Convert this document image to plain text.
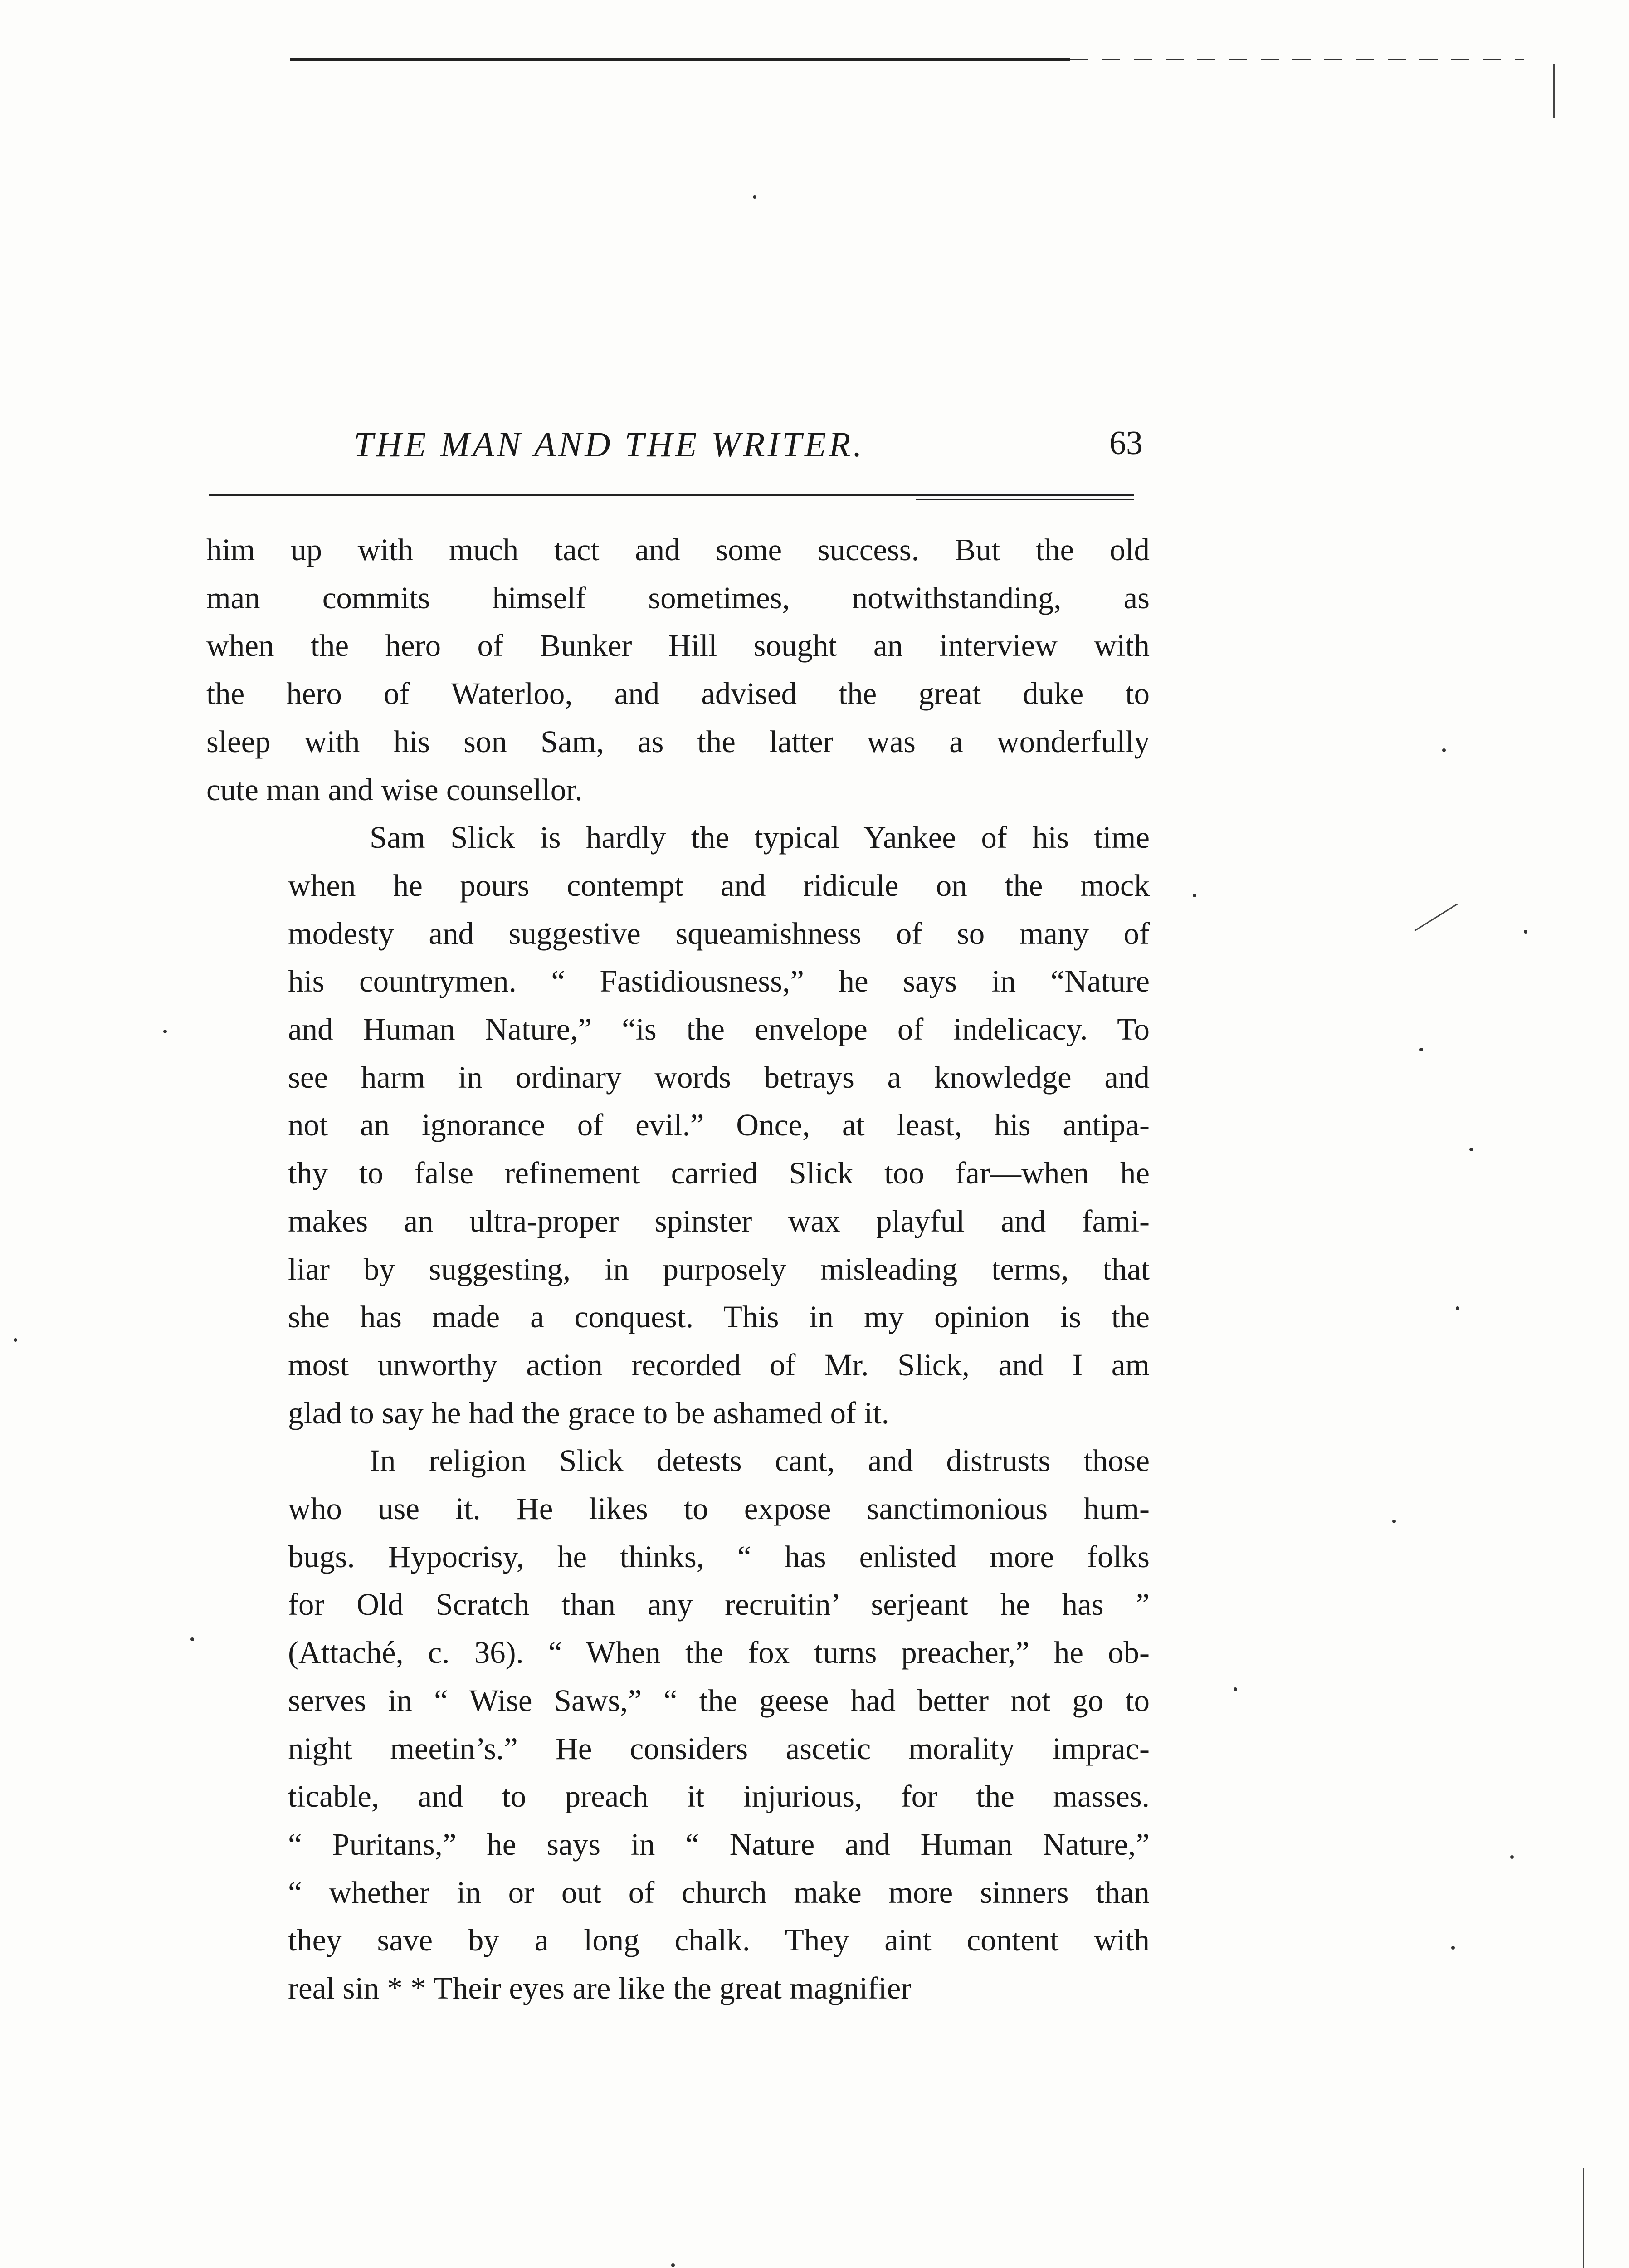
THE MAN AND THE WRITER.	63
him up with much tact and some success. But the old
man commits himself sometimes, notwithstanding, as
when the hero of Bunker Hill sought an interview with
the hero of Waterloo, and advised the great duke to
sleep with his son Sam, as the latter was a wonderfully
cute man and wise counsellor.
Sam Slick is hardly the typical Yankee of his time
when he pours contempt and ridicule on the mock
modesty and suggestive squeamishness of so many of
his countrymen. “ Fastidiousness,” he says in “Nature
and Human Nature,” “is the envelope of indelicacy. To
see harm in ordinary words betrays a knowledge and
not an ignorance of evil.” Once, at least, his antipa-
thy to false refinement carried Slick too far—when he
makes an ultra-proper spinster wax playful and fami-
liar by suggesting, in purposely misleading terms, that
she has made a conquest. This in my opinion is the
most unworthy action recorded of Mr. Slick, and I am
glad to say he had the grace to be ashamed of it.
In religion Slick detests cant, and distrusts those
who use it. He likes to expose sanctimonious hum-
bugs. Hypocrisy, he thinks, “ has enlisted more folks
for Old Scratch than any recruitin’ serjeant he has ”
(Attaché, c. 36). “ When the fox turns preacher,” he ob-
serves in “ Wise Saws,” “ the geese had better not go to
night meetin’s.” He considers ascetic morality imprac-
ticable, and to preach it injurious, for the masses.
“ Puritans,” he says in “ Nature and Human Nature,”
“ whether in or out of church make more sinners than
they save by a long chalk. They aint content with
real sin * * Their eyes are like the great magnifier
